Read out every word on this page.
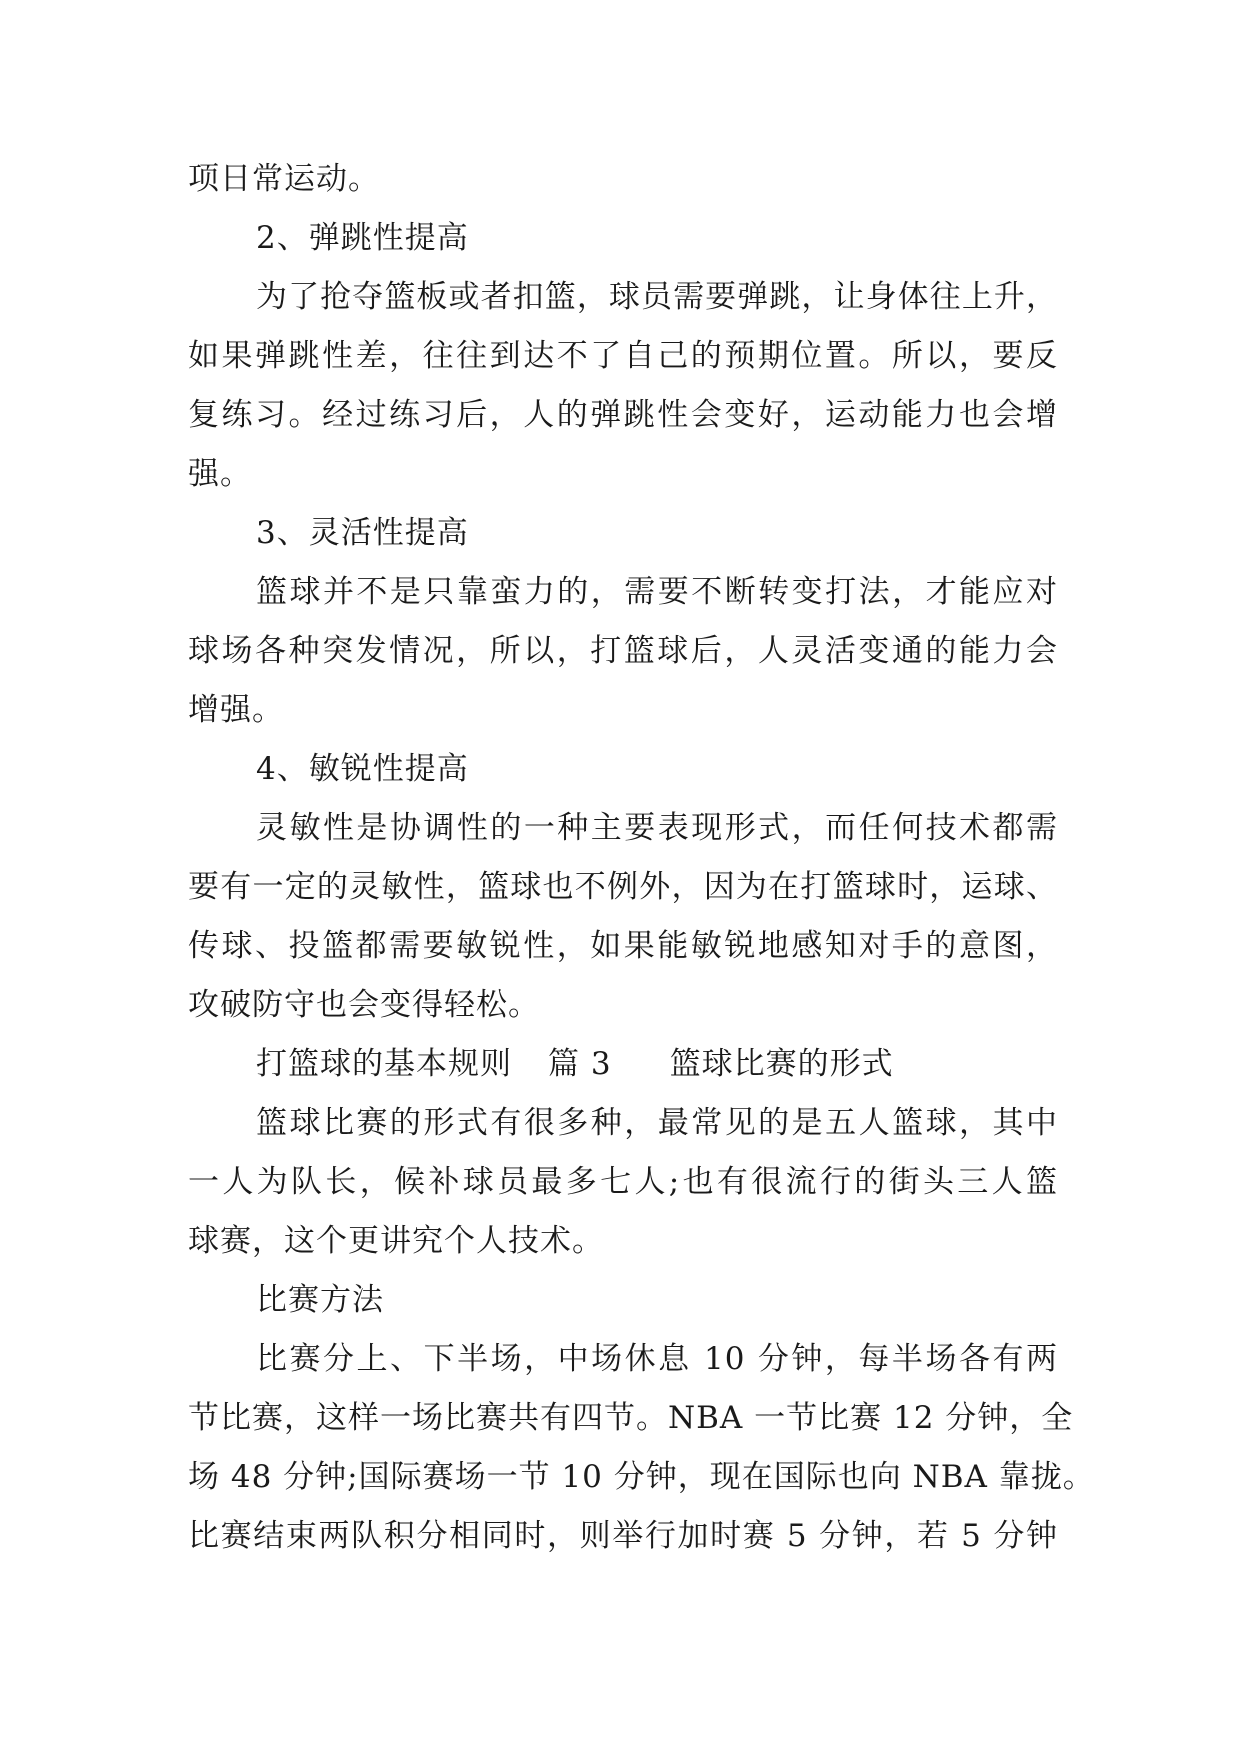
项日常运动。
2、弹跳性提高
为了抢夺篮板或者扣篮，球员需要弹跳，让身体往上升，
如果弹跳性差，往往到达不了自己的预期位置。所以，要反
复练习。经过练习后，人的弹跳性会变好，运动能力也会增
强。
3、灵活性提高
篮球并不是只靠蛮力的，需要不断转变打法，才能应对
球场各种突发情况，所以，打篮球后，人灵活变通的能力会
增强。
4、敏锐性提高
灵敏性是协调性的一种主要表现形式，而任何技术都需
要有一定的灵敏性，篮球也不例外，因为在打篮球时，运球、
传球、投篮都需要敏锐性，如果能敏锐地感知对手的意图，
攻破防守也会变得轻松。
打篮球的基本规则 篇 3 篮球比赛的形式
篮球比赛的形式有很多种，最常见的是五人篮球，其中
一人为队长，候补球员最多七人;也有很流行的街头三人篮
球赛，这个更讲究个人技术。
比赛方法
比赛分上、下半场，中场休息 10 分钟，每半场各有两
节比赛，这样一场比赛共有四节。NBA 一节比赛 12 分钟，全
场 48 分钟;国际赛场一节 10 分钟，现在国际也向 NBA 靠拢。
比赛结束两队积分相同时，则举行加时赛 5 分钟，若 5 分钟
